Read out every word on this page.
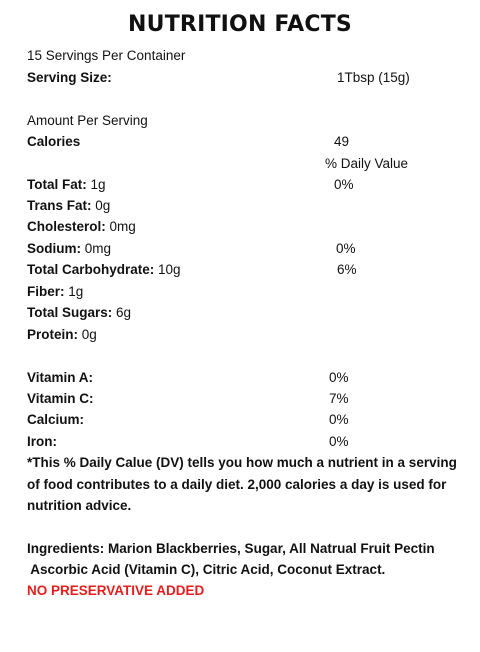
NUTRITION FACTS
15 Servings Per Container
Serving Size:	1Tbsp (15g)
Amount Per Serving
Calories	49
% Daily Value
Total Fat: 1g	0%
Trans Fat: 0g
Cholesterol: 0mg
Sodium: 0mg	0%
Total Carbohydrate: 10g	6%
Fiber: 1g
Total Sugars: 6g
Protein: 0g
Vitamin A:	0%
Vitamin C:	7%
Calcium:	0%
Iron:	0%
*This % Daily Calue (DV) tells you how much a nutrient in a serving of food contributes to a daily diet. 2,000 calories a day is used for nutrition advice.
Ingredients: Marion Blackberries, Sugar, All Natrual Fruit Pectin
Ascorbic Acid (Vitamin C), Citric Acid, Coconut Extract.
NO PRESERVATIVE ADDED
